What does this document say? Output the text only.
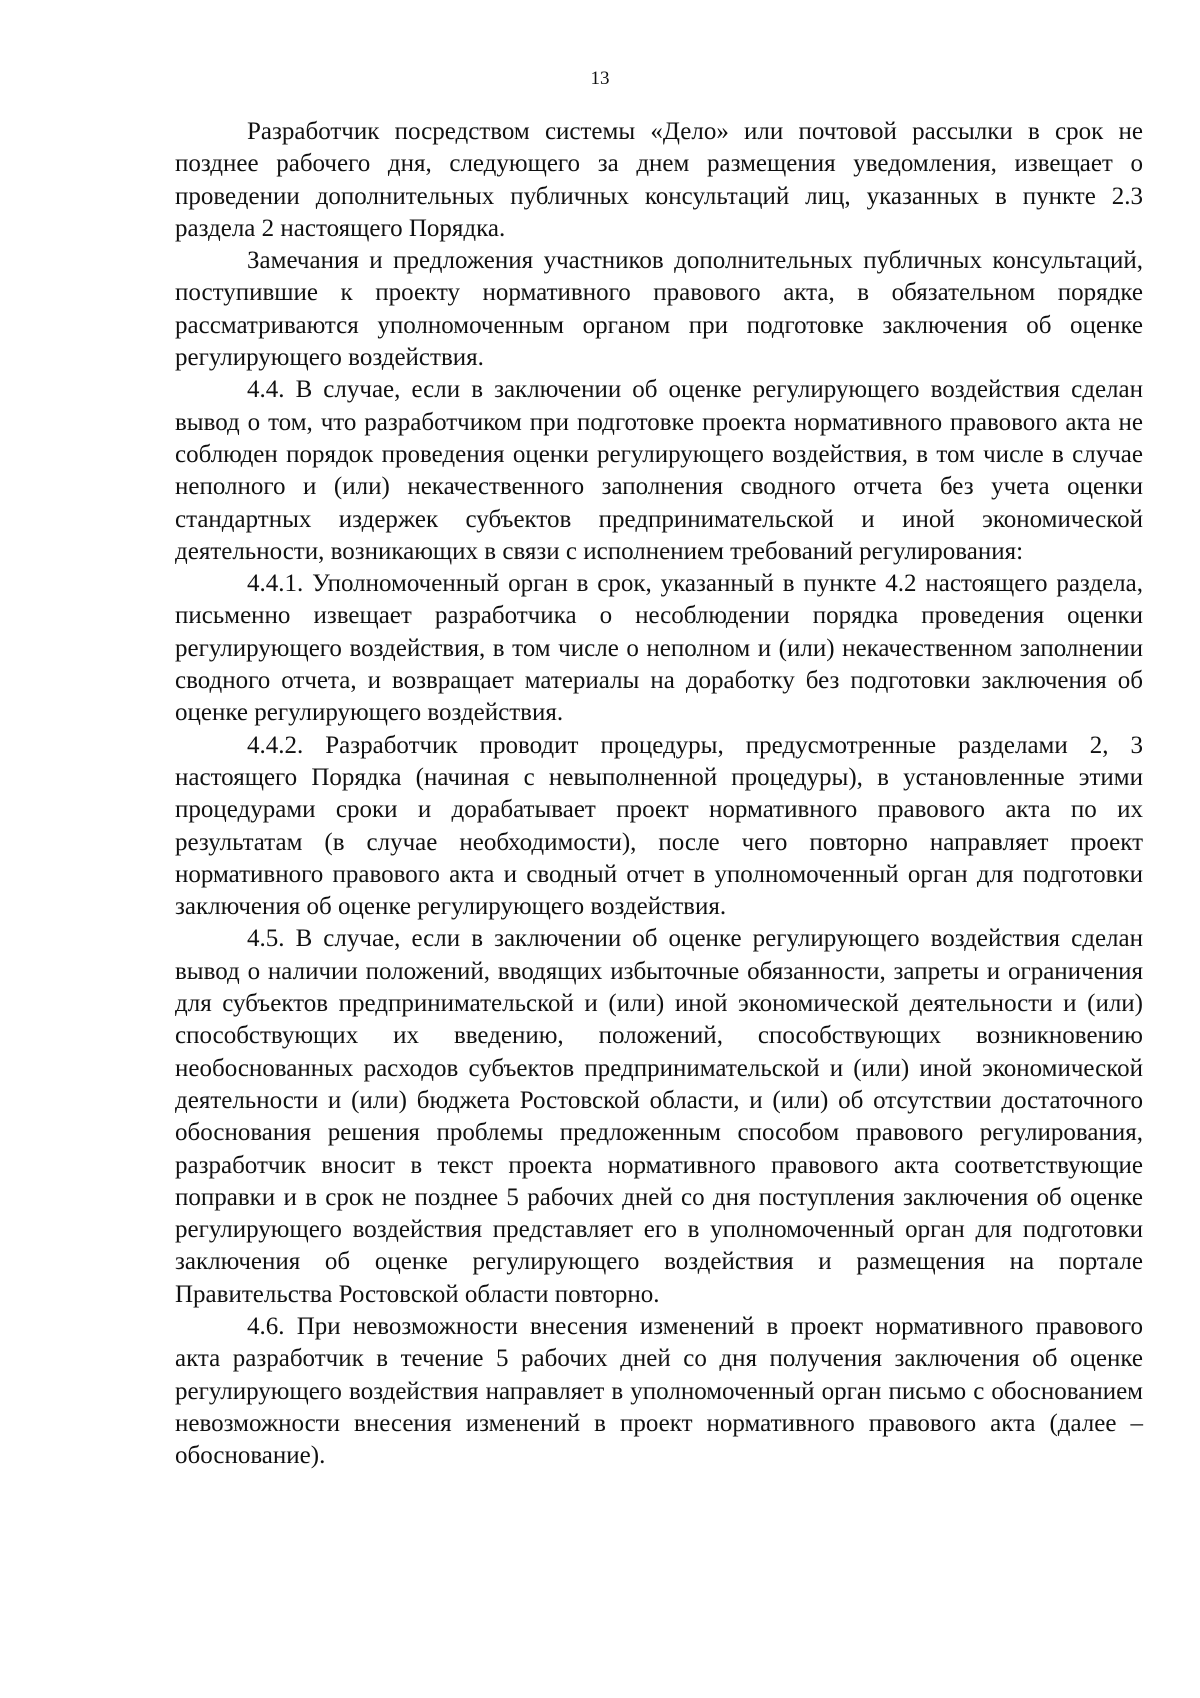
13

Разработчик посредством системы «Дело» или почтовой рассылки в срок не позднее рабочего дня, следующего за днем размещения уведомления, извещает о проведении дополнительных публичных консультаций лиц, указанных в пункте 2.3 раздела 2 настоящего Порядка.

Замечания и предложения участников дополнительных публичных консультаций, поступившие к проекту нормативного правового акта, в обязательном порядке рассматриваются уполномоченным органом при подготовке заключения об оценке регулирующего воздействия.

4.4. В случае, если в заключении об оценке регулирующего воздействия сделан вывод о том, что разработчиком при подготовке проекта нормативного правового акта не соблюден порядок проведения оценки регулирующего воздействия, в том числе в случае неполного и (или) некачественного заполнения сводного отчета без учета оценки стандартных издержек субъектов предпринимательской и иной экономической деятельности, возникающих в связи с исполнением требований регулирования:

4.4.1. Уполномоченный орган в срок, указанный в пункте 4.2 настоящего раздела, письменно извещает разработчика о несоблюдении порядка проведения оценки регулирующего воздействия, в том числе о неполном и (или) некачественном заполнении сводного отчета, и возвращает материалы на доработку без подготовки заключения об оценке регулирующего воздействия.

4.4.2. Разработчик проводит процедуры, предусмотренные разделами 2, 3 настоящего Порядка (начиная с невыполненной процедуры), в установленные этими процедурами сроки и дорабатывает проект нормативного правового акта по их результатам (в случае необходимости), после чего повторно направляет проект нормативного правового акта и сводный отчет в уполномоченный орган для подготовки заключения об оценке регулирующего воздействия.

4.5. В случае, если в заключении об оценке регулирующего воздействия сделан вывод о наличии положений, вводящих избыточные обязанности, запреты и ограничения для субъектов предпринимательской и (или) иной экономической деятельности и (или) способствующих их введению, положений, способствующих возникновению необоснованных расходов субъектов предпринимательской и (или) иной экономической деятельности и (или) бюджета Ростовской области, и (или) об отсутствии достаточного обоснования решения проблемы предложенным способом правового регулирования, разработчик вносит в текст проекта нормативного правового акта соответствующие поправки и в срок не позднее 5 рабочих дней со дня поступления заключения об оценке регулирующего воздействия представляет его в уполномоченный орган для подготовки заключения об оценке регулирующего воздействия и размещения на портале Правительства Ростовской области повторно.

4.6. При невозможности внесения изменений в проект нормативного правового акта разработчик в течение 5 рабочих дней со дня получения заключения об оценке регулирующего воздействия направляет в уполномоченный орган письмо с обоснованием невозможности внесения изменений в проект нормативного правового акта (далее – обоснование).
